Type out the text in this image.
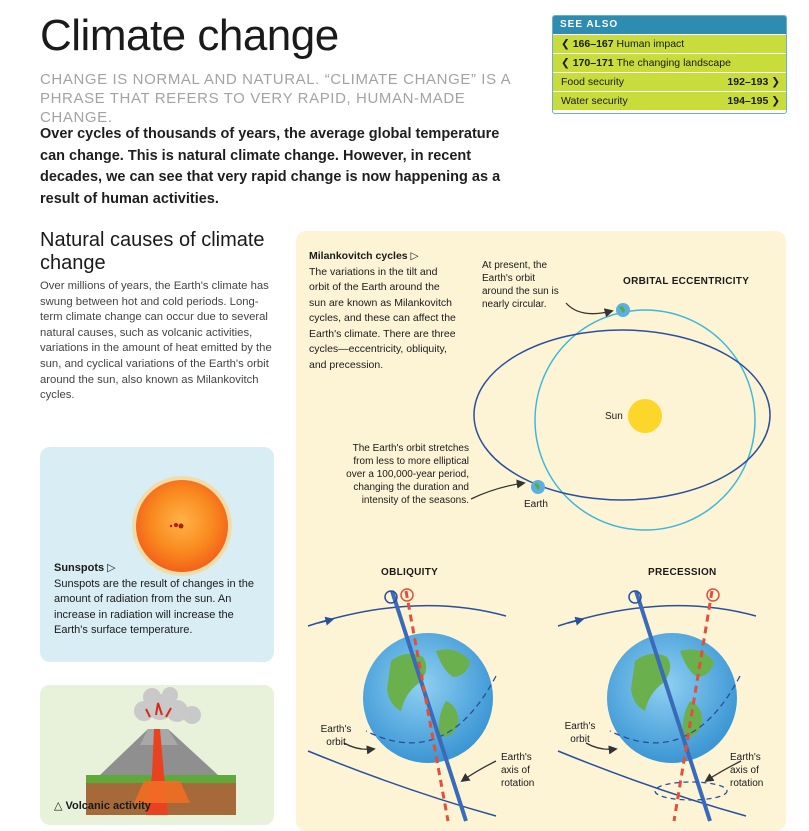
Climate change
CHANGE IS NORMAL AND NATURAL. “CLIMATE CHANGE” IS A PHRASE THAT REFERS TO VERY RAPID, HUMAN-MADE CHANGE.
Over cycles of thousands of years, the average global temperature can change. This is natural climate change. However, in recent decades, we can see that very rapid change is now happening as a result of human activities.
SEE ALSO
❮ 166–167 Human impact
❮ 170–171 The changing landscape
Food security	192–193 ❯
Water security	194–195 ❯
Natural causes of climate change
Over millions of years, the Earth's climate has swung between hot and cold periods. Long-term climate change can occur due to several natural causes, such as volcanic activities, variations in the amount of heat emitted by the sun, and cyclical variations of the Earth's orbit around the sun, also known as Milankovitch cycles.
Sunspots ▷
Sunspots are the result of changes in the amount of radiation from the sun. An increase in radiation will increase the Earth's surface temperature.
△ Volcanic activity
Milankovitch cycles ▷
The variations in the tilt and orbit of the Earth around the sun are known as Milankovitch cycles, and these can affect the Earth's climate. There are three cycles—eccentricity, obliquity, and precession.
At present, the Earth's orbit around the sun is nearly circular.
ORBITAL ECCENTRICITY
Sun
Earth
The Earth's orbit stretches from less to more elliptical over a 100,000-year period, changing the duration and intensity of the seasons.
OBLIQUITY	PRECESSION
Earth's orbit
Earth's axis of rotation
Earth's orbit
Earth's axis of rotation
